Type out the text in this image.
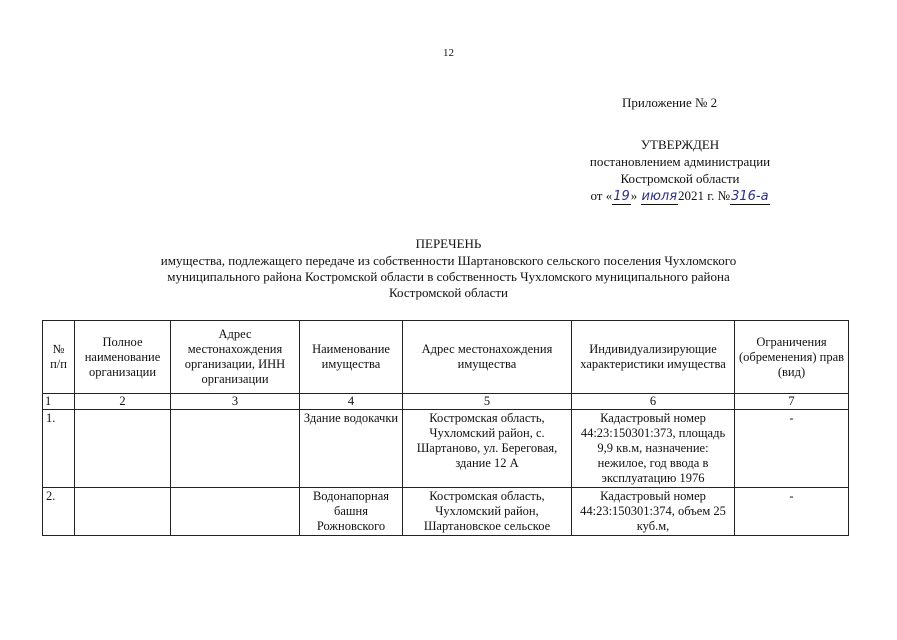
12
Приложение № 2
УТВЕРЖДЕН
постановлением администрации
Костромской области
от «19» июля2021 г. №316-а
ПЕРЕЧЕНЬ
имущества, подлежащего передаче из собственности Шартановского сельского поселения Чухломского
муниципального района Костромской области в собственность Чухломского муниципального района
Костромской области
№ п/п	Полное наименование организации	Адрес местонахождения организации, ИНН организации	Наименование имущества	Адрес местонахождения имущества	Индивидуализирующие характеристики имущества	Ограничения (обременения) прав (вид)
1	2	3	4	5	6	7
1.			Здание водокачки	Костромская область, Чухломский район, с. Шартаново, ул. Береговая, здание 12 А	Кадастровый номер 44:23:150301:373, площадь 9,9 кв.м, назначение: нежилое, год ввода в эксплуатацию 1976	-
2.			Водонапорная башня Рожновского	Костромская область, Чухломский район, Шартановское сельское	Кадастровый номер 44:23:150301:374, объем 25 куб.м,	-
